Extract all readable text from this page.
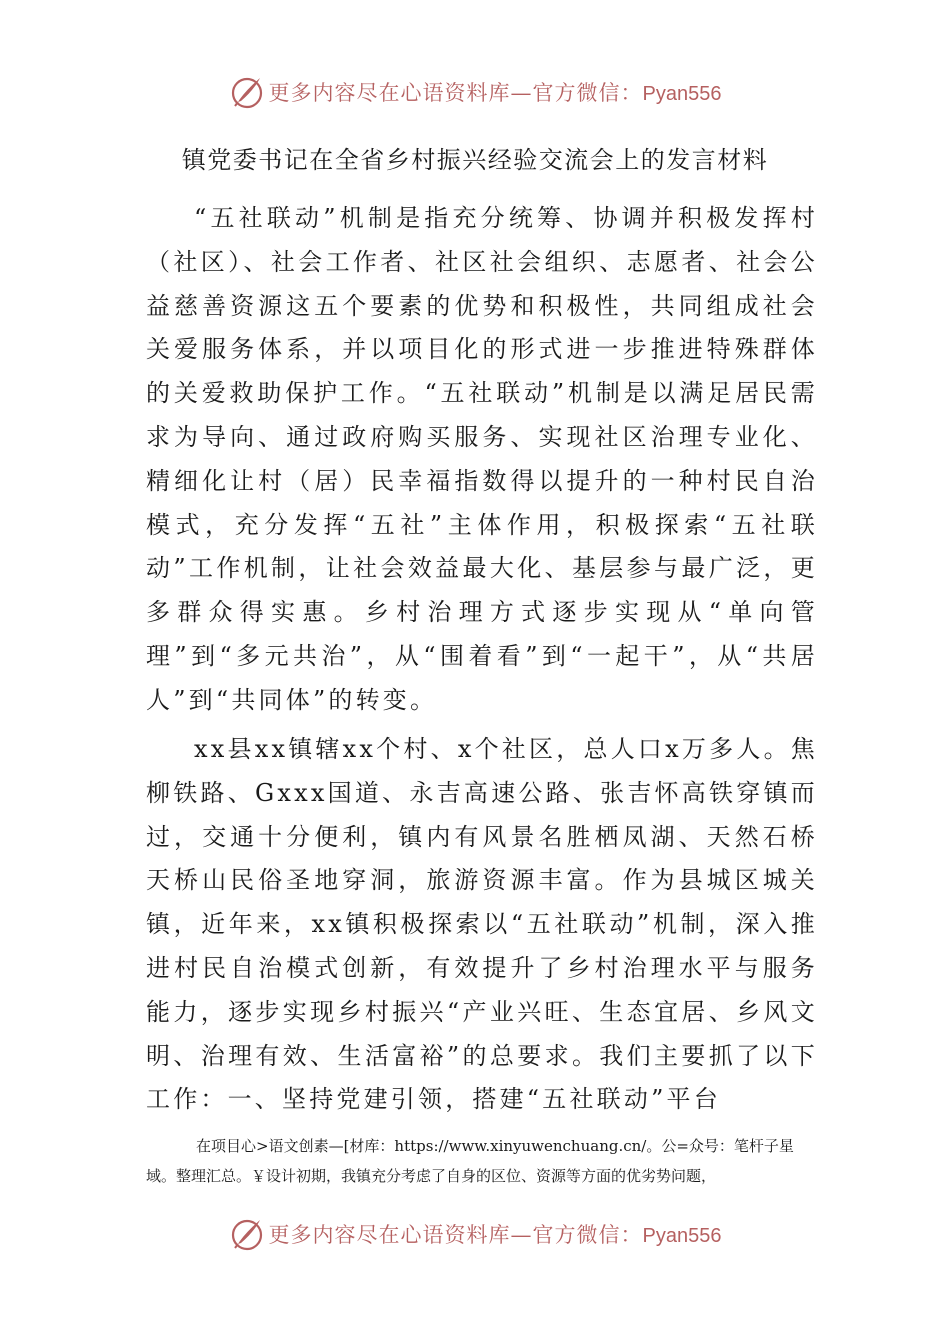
更多内容尽在心语资料库—官方微信：Pyan556
镇党委书记在全省乡村振兴经验交流会上的发言材料

“五社联动”机制是指充分统筹、协调并积极发挥村（社区）、社会工作者、社区社会组织、志愿者、社会公益慈善资源这五个要素的优势和积极性，共同组成社会关爱服务体系，并以项目化的形式进一步推进特殊群体的关爱救助保护工作。“五社联动”机制是以满足居民需求为导向、通过政府购买服务、实现社区治理专业化、精细化让村（居）民幸福指数得以提升的一种村民自治模式，充分发挥“五社”主体作用，积极探索“五社联动”工作机制，让社会效益最大化、基层参与最广泛，更多群众得实惠。乡村治理方式逐步实现从“单向管理”到“多元共治”，从“围着看”到“一起干”，从“共居人”到“共同体”的转变。

xx县xx镇辖xx个村、x个社区，总人口x万多人。焦柳铁路、Gxxx国道、永吉高速公路、张吉怀高铁穿镇而过，交通十分便利，镇内有风景名胜栖凤湖、天然石桥天桥山民俗圣地穿洞，旅游资源丰富。作为县城区城关镇，近年来，xx镇积极探索以“五社联动”机制，深入推进村民自治模式创新，有效提升了乡村治理水平与服务能力，逐步实现乡村振兴“产业兴旺、生态宜居、乡风文明、治理有效、生活富裕”的总要求。我们主要抓了以下工作：一、坚持党建引领，搭建“五社联动”平台

在项目心>语文创素—[材库：https://www.xinyuwenchuang.cn/。公=众号：笔杆子星域。整理汇总。￥设计初期，我镇充分考虑了自身的区位、资源等方面的优劣势问题，

更多内容尽在心语资料库—官方微信：Pyan556
